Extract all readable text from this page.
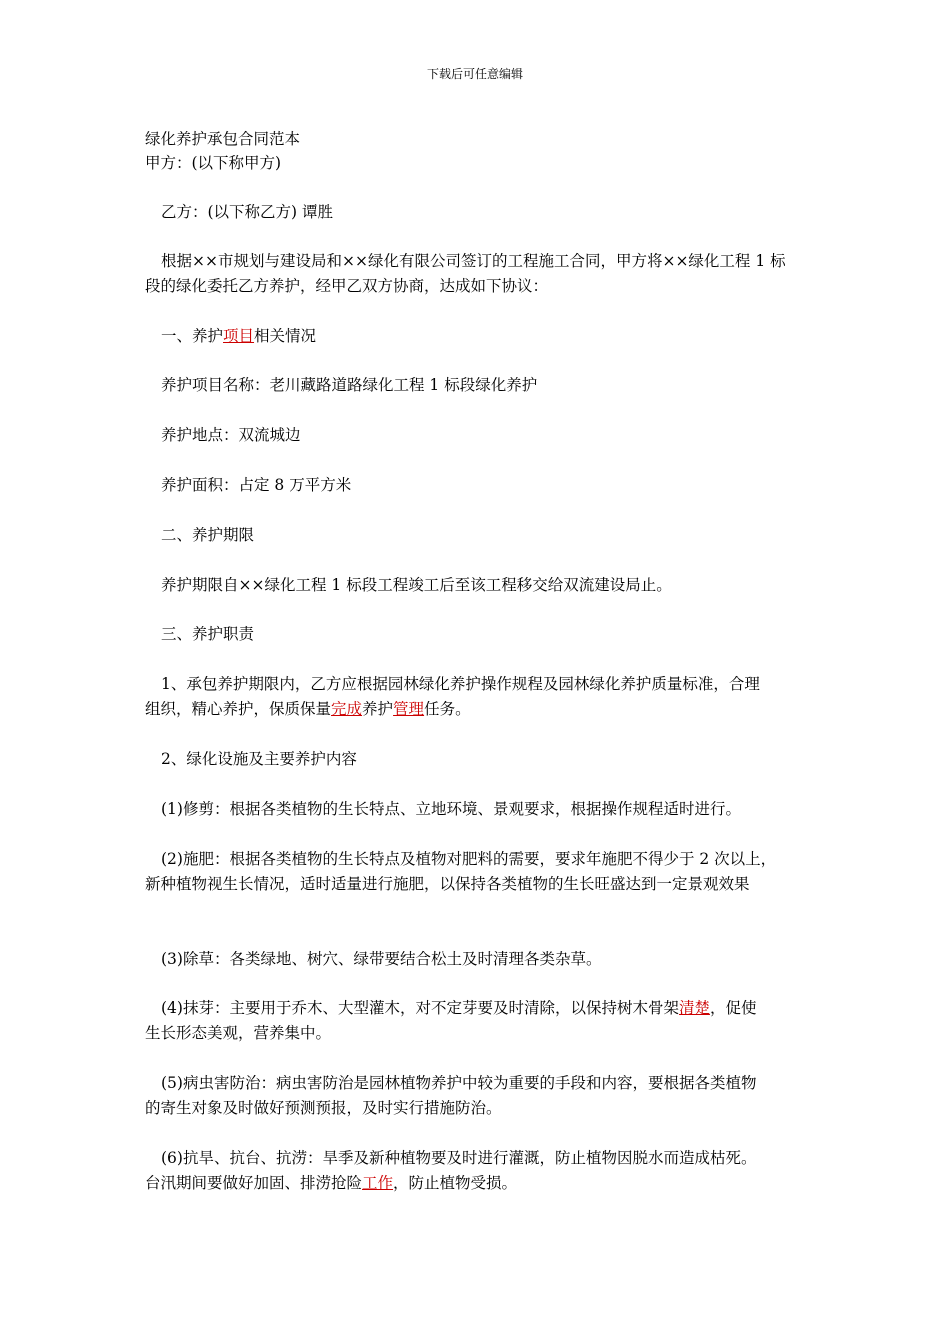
下载后可任意编辑
绿化养护承包合同范本
甲方：(以下称甲方)
乙方：(以下称乙方) 谭胜
根据××市规划与建设局和××绿化有限公司签订的工程施工合同，甲方将××绿化工程 1 标
段的绿化委托乙方养护，经甲乙双方协商，达成如下协议：
一、养护项目相关情况
养护项目名称：老川藏路道路绿化工程 1 标段绿化养护
养护地点：双流城边
养护面积：占定 8 万平方米
二、养护期限
养护期限自××绿化工程 1 标段工程竣工后至该工程移交给双流建设局止。
三、养护职责
1、承包养护期限内，乙方应根据园林绿化养护操作规程及园林绿化养护质量标准，合理
组织，精心养护，保质保量完成养护管理任务。
2、绿化设施及主要养护内容
(1)修剪：根据各类植物的生长特点、立地环境、景观要求，根据操作规程适时进行。
(2)施肥：根据各类植物的生长特点及植物对肥料的需要，要求年施肥不得少于 2 次以上，
新种植物视生长情况，适时适量进行施肥，以保持各类植物的生长旺盛达到一定景观效果
(3)除草：各类绿地、树穴、绿带要结合松土及时清理各类杂草。
(4)抹芽：主要用于乔木、大型灌木，对不定芽要及时清除，以保持树木骨架清楚，促使
生长形态美观，营养集中。
(5)病虫害防治：病虫害防治是园林植物养护中较为重要的手段和内容，要根据各类植物
的寄生对象及时做好预测预报，及时实行措施防治。
(6)抗旱、抗台、抗涝：旱季及新种植物要及时进行灌溉，防止植物因脱水而造成枯死。
台汛期间要做好加固、排涝抢险工作，防止植物受损。
